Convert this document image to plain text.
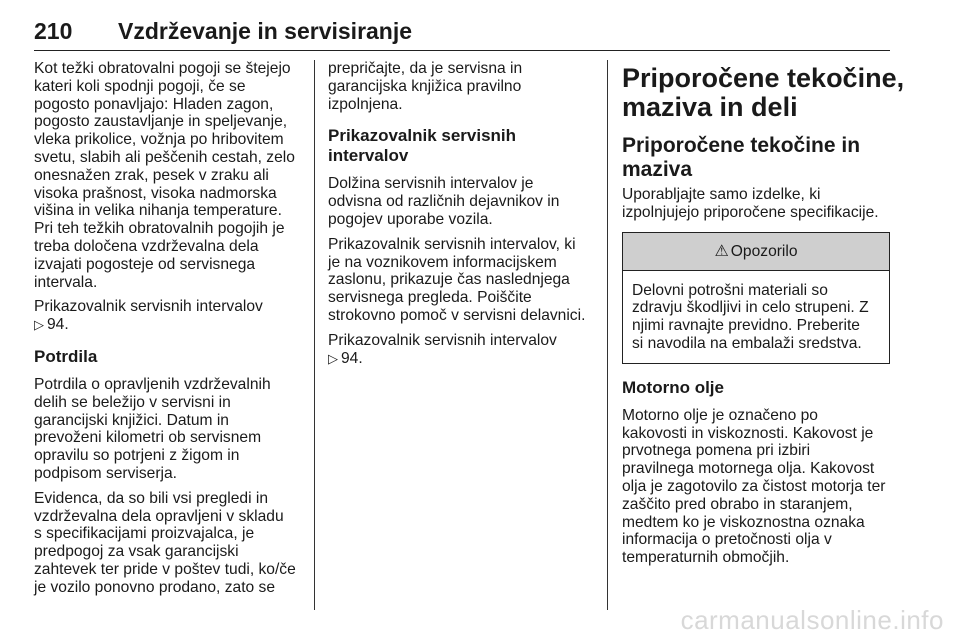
210 Vzdrževanje in servisiranje
Kot težki obratovalni pogoji se štejejo
kateri koli spodnji pogoji, če se
pogosto ponavljajo: Hladen zagon,
pogosto zaustavljanje in speljevanje,
vleka prikolice, vožnja po hribovitem
svetu, slabih ali peščenih cestah, zelo
onesnažen zrak, pesek v zraku ali
visoka prašnost, visoka nadmorska
višina in velika nihanja temperature.
Pri teh težkih obratovalnih pogojih je
treba določena vzdrževalna dela
izvajati pogosteje od servisnega
intervala.
Prikazovalnik servisnih intervalov
▷ 94.
Potrdila
Potrdila o opravljenih vzdrževalnih
delih se beležijo v servisni in
garancijski knjižici. Datum in
prevoženi kilometri ob servisnem
opravilu so potrjeni z žigom in
podpisom serviserja.
Evidenca, da so bili vsi pregledi in
vzdrževalna dela opravljeni v skladu
s specifikacijami proizvajalca, je
predpogoj za vsak garancijski
zahtevek ter pride v poštev tudi, ko/če
je vozilo ponovno prodano, zato se
prepričajte, da je servisna in
garancijska knjižica pravilno
izpolnjena.
Prikazovalnik servisnih intervalov
Dolžina servisnih intervalov je
odvisna od različnih dejavnikov in
pogojev uporabe vozila.
Prikazovalnik servisnih intervalov, ki
je na voznikovem informacijskem
zaslonu, prikazuje čas naslednjega
servisnega pregleda. Poiščite
strokovno pomoč v servisni delavnici.
Prikazovalnik servisnih intervalov
▷ 94.
Priporočene tekočine,
maziva in deli
Priporočene tekočine in
maziva
Uporabljajte samo izdelke, ki
izpolnjujejo priporočene specifikacije.
⚠ Opozorilo
Delovni potrošni materiali so
zdravju škodljivi in celo strupeni. Z
njimi ravnajte previdno. Preberite
si navodila na embalaži sredstva.
Motorno olje
Motorno olje je označeno po
kakovosti in viskoznosti. Kakovost je
prvotnega pomena pri izbiri
pravilnega motornega olja. Kakovost
olja je zagotovilo za čistost motorja ter
zaščito pred obrabo in staranjem,
medtem ko je viskoznostna oznaka
informacija o pretočnosti olja v
temperaturnih območjih.
carmanualsonline.info
